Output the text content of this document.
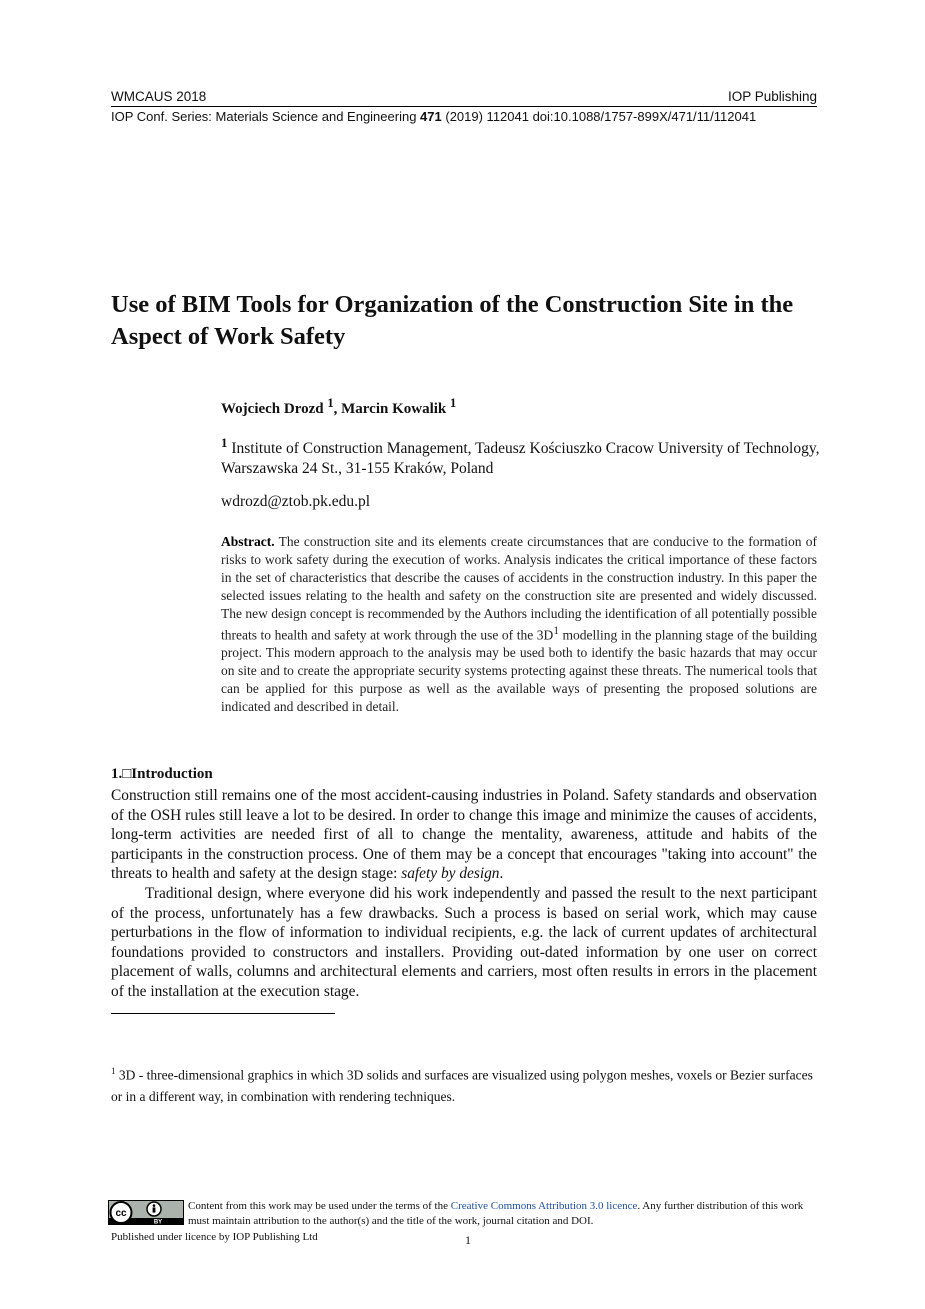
WMCAUS 2018	IOP Publishing
IOP Conf. Series: Materials Science and Engineering 471 (2019) 112041 doi:10.1088/1757-899X/471/11/112041
Use of BIM Tools for Organization of the Construction Site in the Aspect of Work Safety
Wojciech Drozd $^1$, Marcin Kowalik $^1$
$^1$ Institute of Construction Management, Tadeusz Kościuszko Cracow University of Technology, Warszawska 24 St., 31-155 Kraków, Poland
wdrozd@ztob.pk.edu.pl
Abstract. The construction site and its elements create circumstances that are conducive to the formation of risks to work safety during the execution of works. Analysis indicates the critical importance of these factors in the set of characteristics that describe the causes of accidents in the construction industry. In this paper the selected issues relating to the health and safety on the construction site are presented and widely discussed. The new design concept is recommended by the Authors including the identification of all potentially possible threats to health and safety at work through the use of the $3D^1$ modelling in the planning stage of the building project. This modern approach to the analysis may be used both to identify the basic hazards that may occur on site and to create the appropriate security systems protecting against these threats. The numerical tools that can be applied for this purpose as well as the available ways of presenting the proposed solutions are indicated and described in detail.
1.□Introduction

Construction still remains one of the most accident-causing industries in Poland. Safety standards and observation of the OSH rules still leave a lot to be desired. In order to change this image and minimize the causes of accidents, long-term activities are needed first of all to change the mentality, awareness, attitude and habits of the participants in the construction process. One of them may be a concept that encourages "taking into account" the threats to health and safety at the design stage: safety by design.

Traditional design, where everyone did his work independently and passed the result to the next participant of the process, unfortunately has a few drawbacks. Such a process is based on serial work, which may cause perturbations in the flow of information to individual recipients, e.g. the lack of current updates of architectural foundations provided to constructors and installers. Providing out-dated information by one user on correct placement of walls, columns and architectural elements and carriers, most often results in errors in the placement of the installation at the execution stage.

$^1$ 3D - three-dimensional graphics in which 3D solids and surfaces are visualized using polygon meshes, voxels or Bezier surfaces or in a different way, in combination with rendering techniques.
cc
BY
Content from this work may be used under the terms of the Creative Commons Attribution 3.0 licence. Any further distribution of this work must maintain attribution to the author(s) and the title of the work, journal citation and DOI.
Published under licence by IOP Publishing Ltd	1
